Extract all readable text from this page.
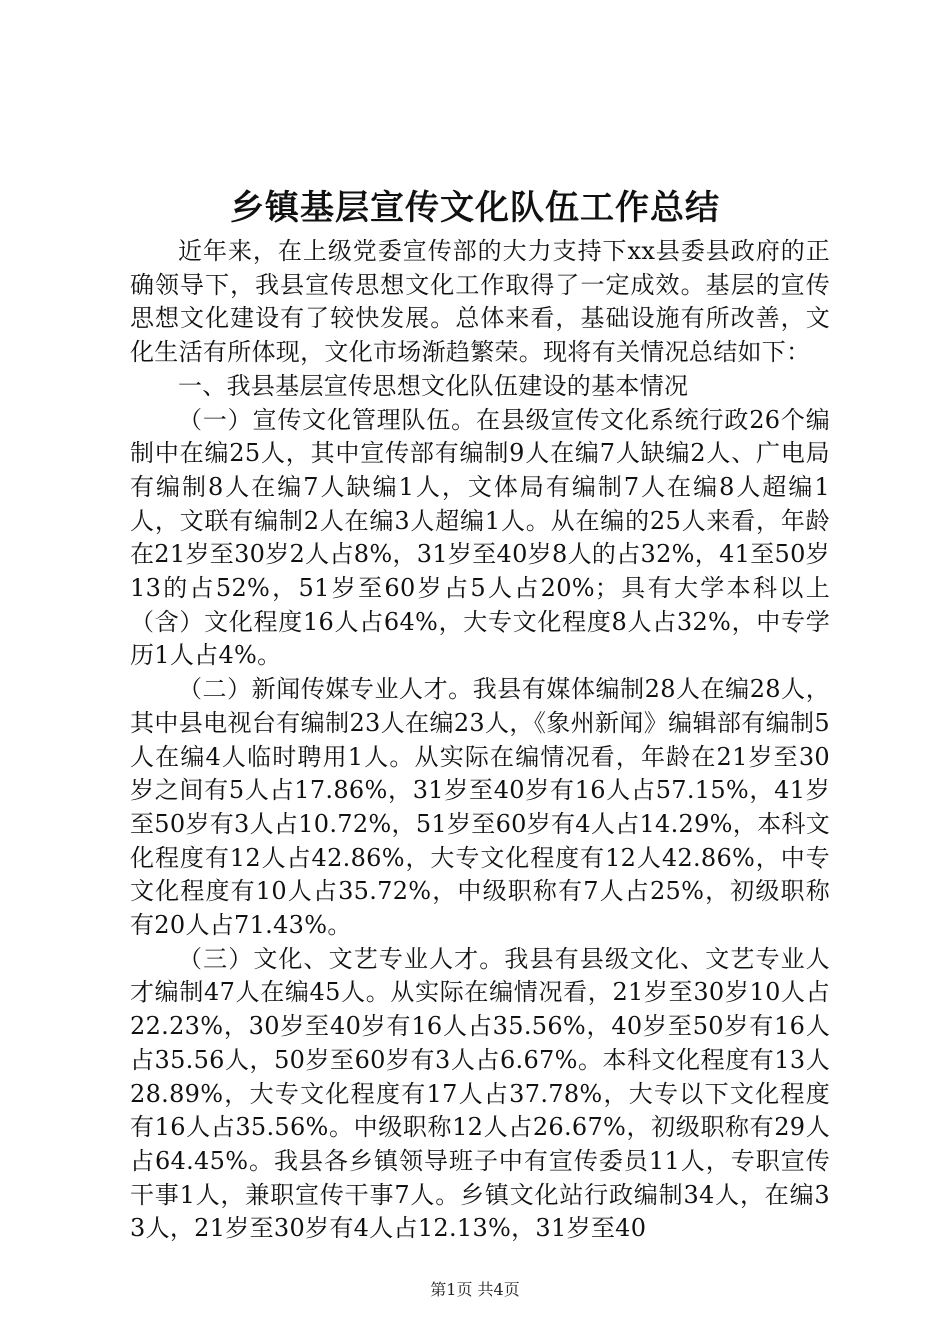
乡镇基层宣传文化队伍工作总结

近年来，在上级党委宣传部的大力支持下xx县委县政府的正确领导下，我县宣传思想文化工作取得了一定成效。基层的宣传思想文化建设有了较快发展。总体来看，基础设施有所改善，文化生活有所体现，文化市场渐趋繁荣。现将有关情况总结如下：

一、我县基层宣传思想文化队伍建设的基本情况

（一）宣传文化管理队伍。在县级宣传文化系统行政26个编制中在编25人，其中宣传部有编制9人在编7人缺编2人、广电局有编制8人在编7人缺编1人，文体局有编制7人在编8人超编1人，文联有编制2人在编3人超编1人。从在编的25人来看，年龄在21岁至30岁2人占8%，31岁至40岁8人的占32%，41至50岁13的占52%，51岁至60岁占5人占20%；具有大学本科以上（含）文化程度16人占64%，大专文化程度8人占32%，中专学历1人占4%。

（二）新闻传媒专业人才。我县有媒体编制28人在编28人，其中县电视台有编制23人在编23人，《象州新闻》编辑部有编制5人在编4人临时聘用1人。从实际在编情况看，年龄在21岁至30岁之间有5人占17.86%，31岁至40岁有16人占57.15%，41岁至50岁有3人占10.72%，51岁至60岁有4人占14.29%，本科文化程度有12人占42.86%，大专文化程度有12人42.86%，中专文化程度有10人占35.72%，中级职称有7人占25%，初级职称有20人占71.43%。

（三）文化、文艺专业人才。我县有县级文化、文艺专业人才编制47人在编45人。从实际在编情况看，21岁至30岁10人占22.23%，30岁至40岁有16人占35.56%，40岁至50岁有16人占35.56人，50岁至60岁有3人占6.67%。本科文化程度有13人28.89%，大专文化程度有17人占37.78%，大专以下文化程度有16人占35.56%。中级职称12人占26.67%，初级职称有29人占64.45%。我县各乡镇领导班子中有宣传委员11人，专职宣传干事1人，兼职宣传干事7人。乡镇文化站行政编制34人，在编33人，21岁至30岁有4人占12.13%，31岁至40

第1页 共4页
